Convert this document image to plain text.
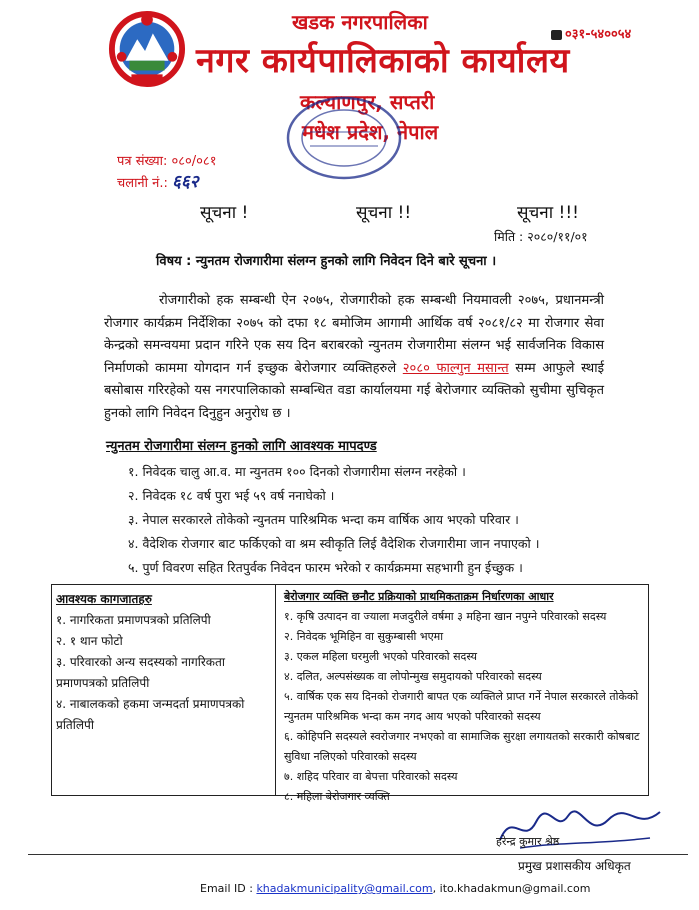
खडक नगरपालिका
नगर कार्यपालिकाको कार्यालय
कल्याणपुर, सप्तरी
मधेश प्रदेश, नेपाल
०३१-५४००५४
पत्र संख्या: ०८०/०८१
चलानी नं.: ६६२
सूचना !	सूचना !!	सूचना !!!
मिति : २०८०/११/०१
विषय : न्युनतम रोजगारीमा संलग्न हुनको लागि निवेदन दिने बारे सूचना ।
रोजगारीको हक सम्बन्धी ऐन २०७५, रोजगारीको हक सम्बन्धी नियमावली २०७५, प्रधानमन्त्री रोजगार कार्यक्रम निर्देशिका २०७५ को दफा १८ बमोजिम आगामी आर्थिक वर्ष २०८१/८२ मा रोजगार सेवा केन्द्रको समन्वयमा प्रदान गरिने एक सय दिन बराबरको न्युनतम रोजगारीमा संलग्न भई सार्वजनिक विकास निर्माणको काममा योगदान गर्न इच्छुक बेरोजगार व्यक्तिहरुले २०८० फाल्गुन मसान्त सम्म आफुले स्थाई बसोबास गरिरहेको यस नगरपालिकाको सम्बन्धित वडा कार्यालयमा गई बेरोजगार व्यक्तिको सुचीमा सुचिकृत हुनको लागि निवेदन दिनुहुन अनुरोध छ ।
न्युनतम रोजगारीमा संलग्न हुनको लागि आवश्यक मापदण्ड
१. निवेदक चालु आ.व. मा न्युनतम १०० दिनको रोजगारीमा संलग्न नरहेको ।
२. निवेदक १८ वर्ष पुरा भई ५९ वर्ष ननाघेको ।
३. नेपाल सरकारले तोकेको न्युनतम पारिश्रमिक भन्दा कम वार्षिक आय भएको परिवार ।
४. वैदेशिक रोजगार बाट फर्किएको वा श्रम स्वीकृति लिई वैदेशिक रोजगारीमा जान नपाएको ।
५. पुर्ण विवरण सहित रितपुर्वक निवेदन फारम भरेको र कार्यक्रममा सहभागी हुन ईच्छुक ।
आवश्यक कागजातहरु
१. नागरिकता प्रमाणपत्रको प्रतिलिपी
२. १ थान फोटो
३. परिवारको अन्य सदस्यको नागरिकता प्रमाणपत्रको प्रतिलिपी
४. नाबालकको हकमा जन्मदर्ता प्रमाणपत्रको प्रतिलिपी
बेरोजगार व्यक्ति छनौट प्रक्रियाको प्राथमिकताक्रम निर्धारणका आधार
१. कृषि उत्पादन वा ज्याला मजदुरीले वर्षमा ३ महिना खान नपुग्ने परिवारको सदस्य
२. निवेदक भूमिहिन वा सुकुम्बासी भएमा
३. एकल महिला घरमुली भएको परिवारको सदस्य
४. दलित, अल्पसंख्यक वा लोपोन्मुख समुदायको परिवारको सदस्य
५. वार्षिक एक सय दिनको रोजगारी बापत एक व्यक्तिले प्राप्त गर्ने नेपाल सरकारले तोकेको न्युनतम पारिश्रमिक भन्दा कम नगद आय भएको परिवारको सदस्य
६. कोहिपनि सदस्यले स्वरोजगार नभएको वा सामाजिक सुरक्षा लगायतको सरकारी कोषबाट सुविधा नलिएको परिवारको सदस्य
७. शहिद परिवार वा बेपत्ता परिवारको सदस्य
८. महिला बेरोजगार व्यक्ति
हरेन्द्र कुमार श्रेष्ठ
प्रमुख प्रशासकीय अधिकृत
Email ID : khadakmunicipality@gmail.com, ito.khadakmun@gmail.com
